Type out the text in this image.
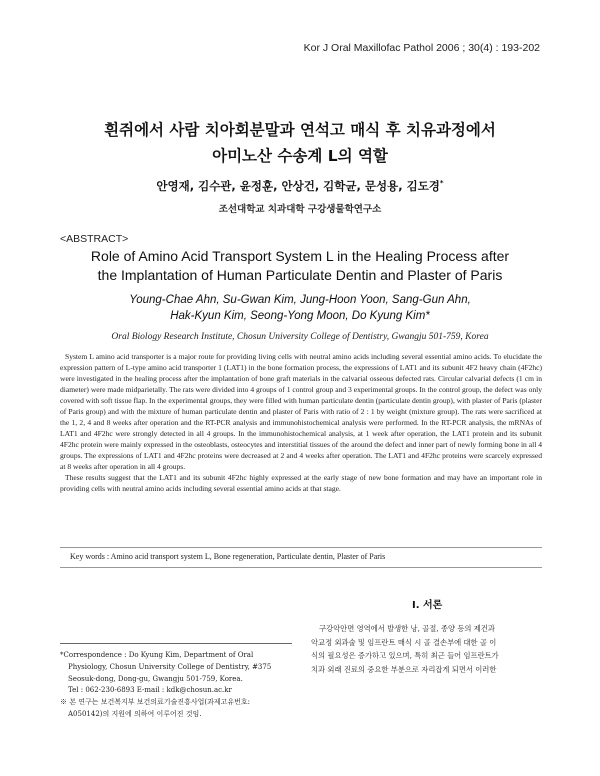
Kor J Oral Maxillofac Pathol 2006 ; 30(4) : 193-202
흰쥐에서 사람 치아회분말과 연석고 매식 후 치유과정에서
아미노산 수송계 L의 역할
안영재, 김수관, 윤정훈, 안상건, 김학균, 문성용, 김도경*
조선대학교 치과대학 구강생물학연구소
<ABSTRACT>
Role of Amino Acid Transport System L in the Healing Process after
the Implantation of Human Particulate Dentin and Plaster of Paris
Young-Chae Ahn, Su-Gwan Kim, Jung-Hoon Yoon, Sang-Gun Ahn,
Hak-Kyun Kim, Seong-Yong Moon, Do Kyung Kim*
Oral Biology Research Institute, Chosun University College of Dentistry, Gwangju 501-759, Korea

System L amino acid transporter is a major route for providing living cells with neutral amino acids including several essential amino acids. To elucidate the expression pattern of L-type amino acid transporter 1 (LAT1) in the bone formation process, the expressions of LAT1 and its subunit 4F2 heavy chain (4F2hc) were investigated in the healing process after the implantation of bone graft materials in the calvarial osseous defected rats. Circular calvarial defects (1 cm in diameter) were made midparietally. The rats were divided into 4 groups of 1 control group and 3 experimental groups. In the control group, the defect was only covered with soft tissue flap. In the experimental groups, they were filled with human particulate dentin (particulate dentin group), with plaster of Paris (plaster of Paris group) and with the mixture of human particulate dentin and plaster of Paris with ratio of 2 : 1 by weight (mixture group). The rats were sacrificed at the 1, 2, 4 and 8 weeks after operation and the RT-PCR analysis and immunohistochemical analysis were performed. In the RT-PCR analysis, the mRNAs of LAT1 and 4F2hc were strongly detected in all 4 groups. In the immunohistochemical analysis, at 1 week after operation, the LAT1 protein and its subunit 4F2hc protein were mainly expressed in the osteoblasts, osteocytes and interstitial tissues of the around the defect and inner part of newly forming bone in all 4 groups. The expressions of LAT1 and 4F2hc proteins were decreased at 2 and 4 weeks after operation. The LAT1 and 4F2hc proteins were scarcely expressed at 8 weeks after operation in all 4 groups.

These results suggest that the LAT1 and its subunit 4F2hc highly expressed at the early stage of new bone formation and may have an important role in providing cells with neutral amino acids including several essential amino acids at that stage.

Key words : Amino acid transport system L, Bone regeneration, Particulate dentin, Plaster of Paris
I. 서론
구강악안면 영역에서 발생한 낭, 골절, 종양 등의 제건과
악교정 외과술 및 임프란트 매식 시 골 결손부에 대한 골 이
식의 필요성은 증가하고 있으며, 특히 최근 들어 임프란트가
치과 외래 진료의 중요한 부분으로 자리잡게 되면서 이러한
*Correspondence : Do Kyung Kim, Department of Oral
Physiology, Chosun University College of Dentistry, #375
Seosuk-dong, Dong-gu, Gwangju 501-759, Korea.
Tel : 062-230-6893 E-mail : kdk@chosun.ac.kr
※ 본 연구는 보건복지부 보건의료기술진흥사업(과제고유번호:
A050142)의 지원에 의하여 이루어진 것임.
